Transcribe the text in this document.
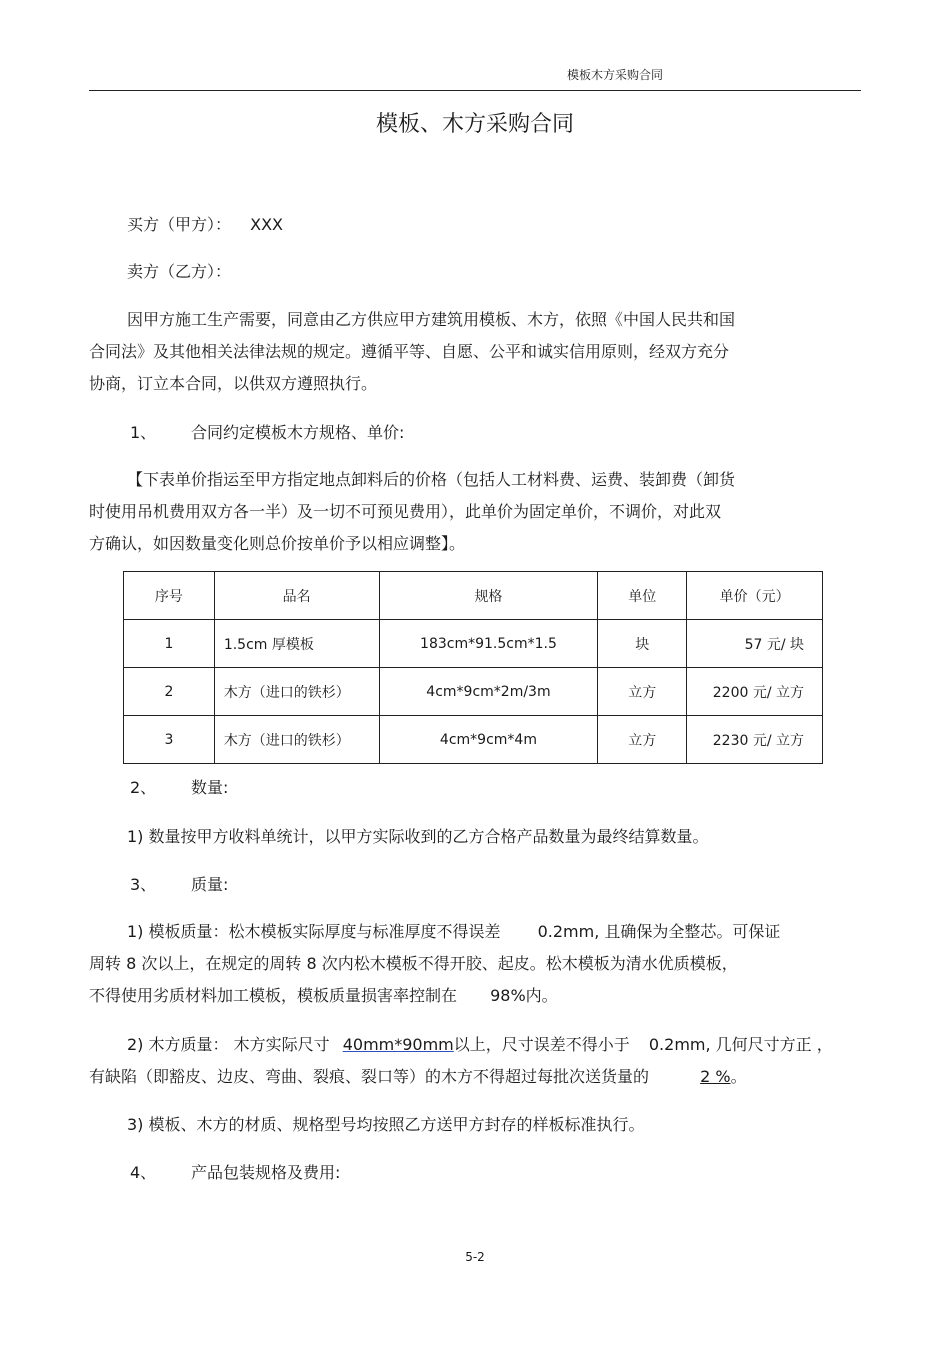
模板木方采购合同
模板、木方采购合同
买方（甲方）： XXX
卖方（乙方）：
因甲方施工生产需要，同意由乙方供应甲方建筑用模板、木方，依照《中国人民共和国
合同法》及其他相关法律法规的规定。遵循平等、自愿、公平和诚实信用原则，经双方充分
协商，订立本合同，以供双方遵照执行。
1、 合同约定模板木方规格、单价:
【下表单价指运至甲方指定地点卸料后的价格（包括人工材料费、运费、装卸费（卸货
时使用吊机费用双方各一半）及一切不可预见费用），此单价为固定单价，不调价，对此双
方确认，如因数量变化则总价按单价予以相应调整】。
序号	品名	规格	单位	单价（元）
1	1.5cm 厚模板	183cm*91.5cm*1.5	块	57 元/ 块
2	木方（进口的铁杉）	4cm*9cm*2m/3m	立方	2200 元/ 立方
3	木方（进口的铁杉）	4cm*9cm*4m	立方	2230 元/ 立方
2、 数量:
1) 数量按甲方收料单统计，以甲方实际收到的乙方合格产品数量为最终结算数量。
3、 质量:
1) 模板质量：松木模板实际厚度与标准厚度不得误差 0.2mm, 且确保为全整芯。可保证
周转 8 次以上，在规定的周转 8 次内松木模板不得开胶、起皮。松木模板为清水优质模板，
不得使用劣质材料加工模板，模板质量损害率控制在 98%内。
2) 木方质量： 木方实际尺寸 40mm*90mm以上，尺寸误差不得小于 0.2mm, 几何尺寸方正 ，
有缺陷（即豁皮、边皮、弯曲、裂痕、裂口等）的木方不得超过每批次送货量的	2 %。
3) 模板、木方的材质、规格型号均按照乙方送甲方封存的样板标准执行。
4、 产品包装规格及费用:
5-2
